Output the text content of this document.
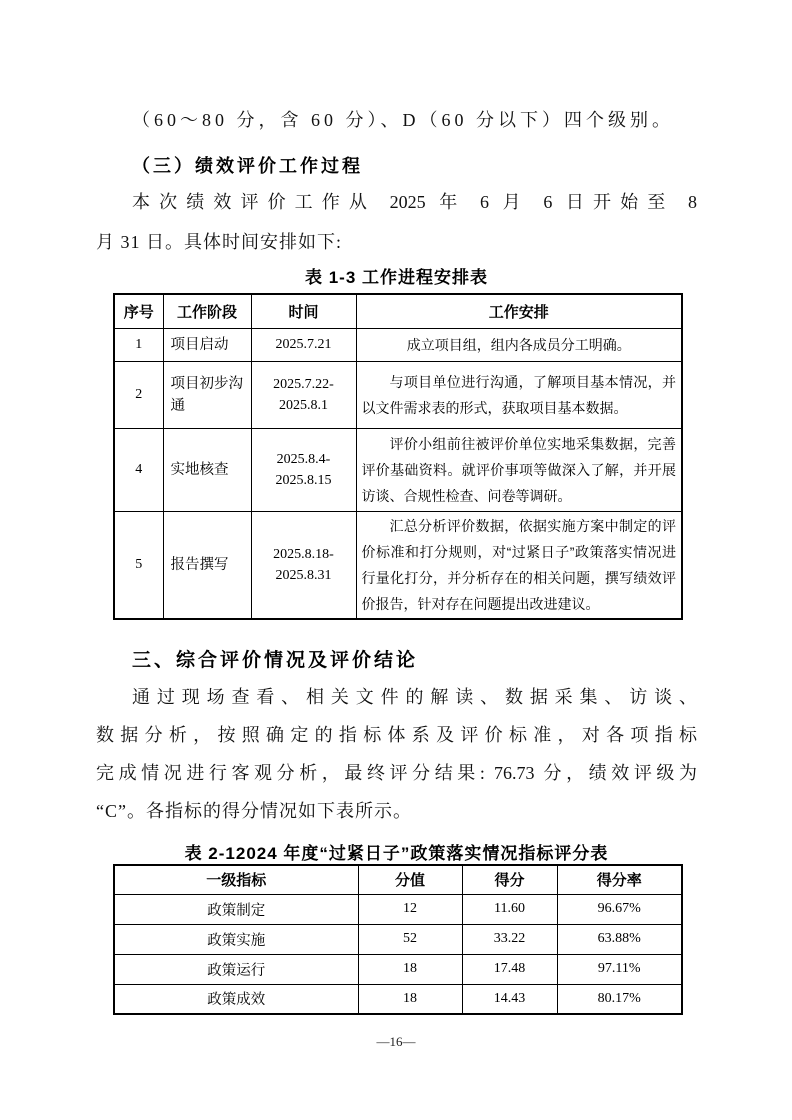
（60～80 分，含 60 分）、D（60 分以下）四个级别。
（三）绩效评价工作过程
本次绩效评价工作从 2025 年 6 月 6 日开始至 8
月 31 日。具体时间安排如下:
表 1-3 工作进程安排表
序号	工作阶段	时间	工作安排
1	项目启动	2025.7.21	成立项目组，组内各成员分工明确。
2	项目初步沟通	2025.7.22-2025.8.1	与项目单位进行沟通，了解项目基本情况，并以文件需求表的形式，获取项目基本数据。
4	实地核查	2025.8.4-2025.8.15	评价小组前往被评价单位实地采集数据，完善评价基础资料。就评价事项等做深入了解，并开展访谈、合规性检查、问卷等调研。
5	报告撰写	2025.8.18-2025.8.31	汇总分析评价数据，依据实施方案中制定的评价标准和打分规则，对“过紧日子”政策落实情况进行量化打分，并分析存在的相关问题，撰写绩效评价报告，针对存在问题提出改进建议。
三、综合评价情况及评价结论
通过现场查看、相关文件的解读、数据采集、访谈、
数据分析，按照确定的指标体系及评价标准，对各项指标
完成情况进行客观分析，最终评分结果: 76.73 分，绩效评级为
“C”。各指标的得分情况如下表所示。
表 2-12024 年度“过紧日子”政策落实情况指标评分表
一级指标	分值	得分	得分率
政策制定	12	11.60	96.67%
政策实施	52	33.22	63.88%
政策运行	18	17.48	97.11%
政策成效	18	14.43	80.17%
—16—
